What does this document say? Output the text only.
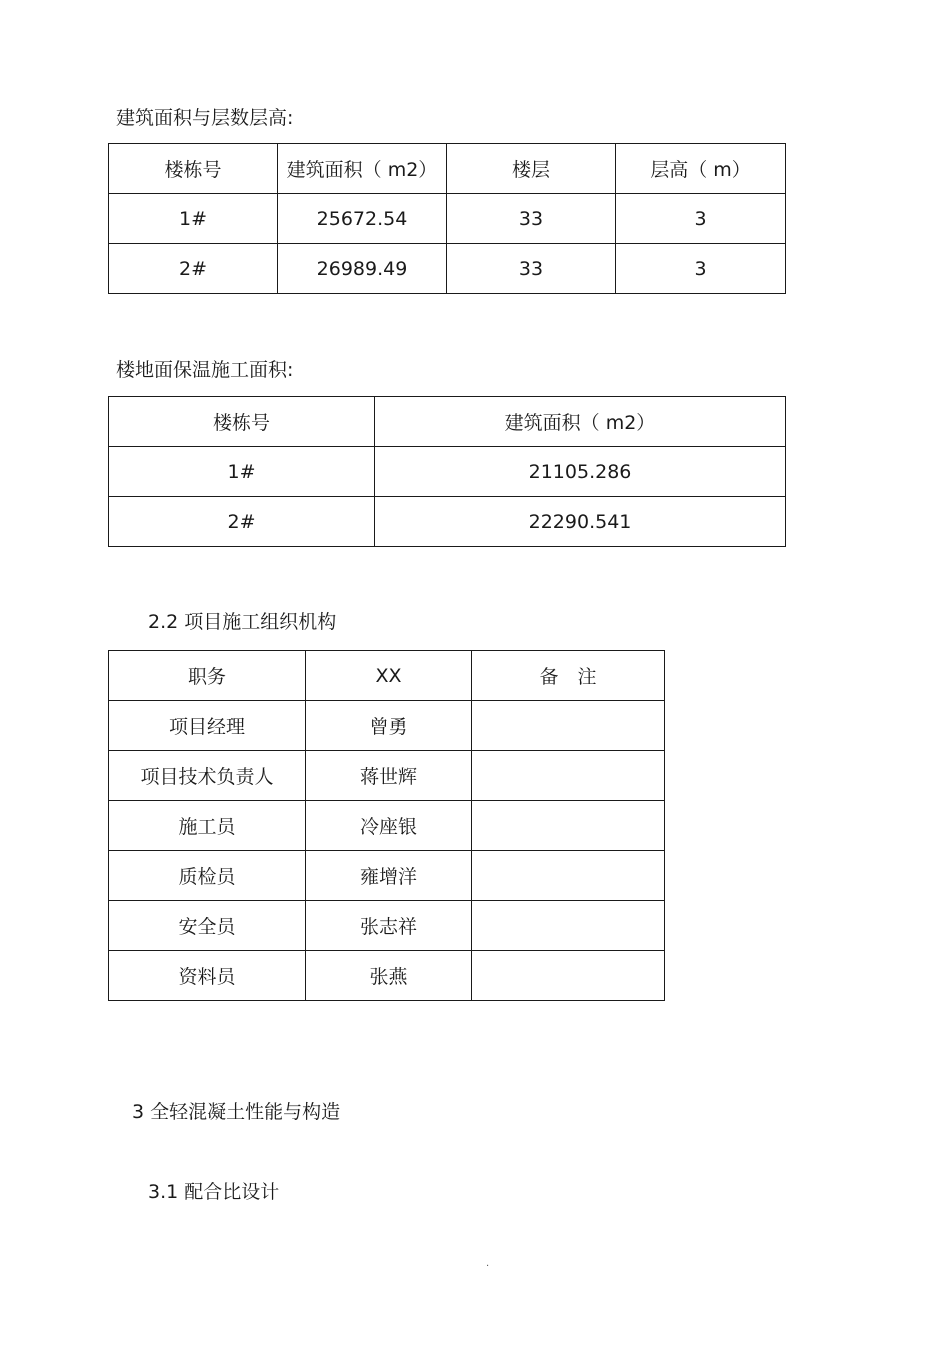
建筑面积与层数层高:
楼栋号	建筑面积（ m2）	楼层	层高（ m）
1#	25672.54	33	3
2#	26989.49	33	3
楼地面保温施工面积:
楼栋号	建筑面积（ m2）
1#	21105.286
2#	22290.541
2.2 项目施工组织机构
职务	XX	备　注
项目经理	曾勇	
项目技术负责人	蒋世辉	
施工员	冷座银	
质检员	雍增洋	
安全员	张志祥	
资料员	张燕	
3 全轻混凝土性能与构造
3.1 配合比设计
.
